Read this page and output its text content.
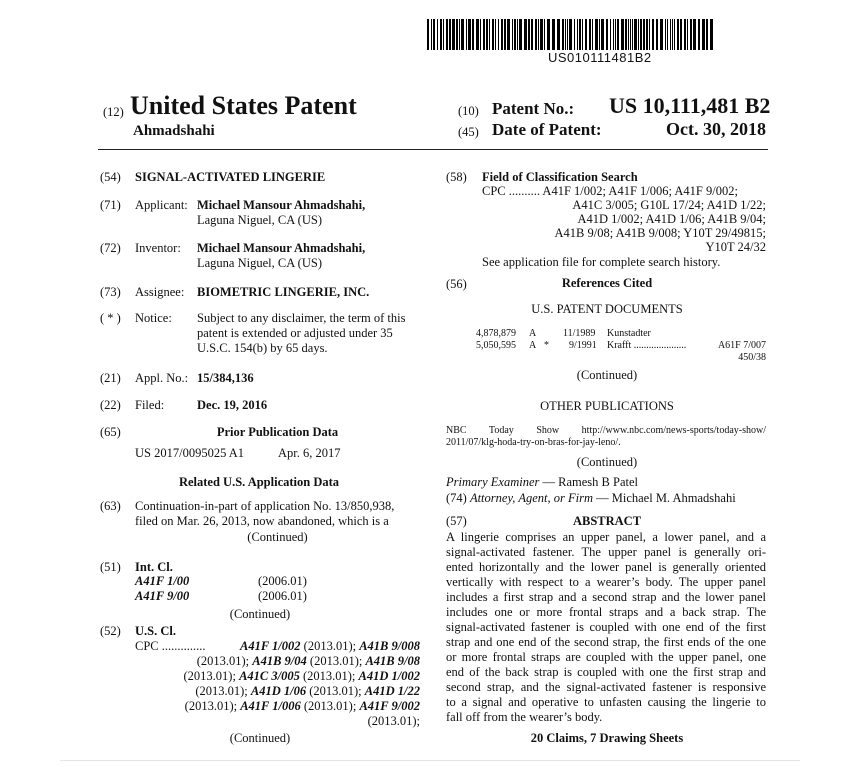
US010111481B2
(12) United States Patent
Ahmadshahi
(10) Patent No.: US 10,111,481 B2
(45) Date of Patent:	Oct. 30, 2018
(54) SIGNAL-ACTIVATED LINGERIE
(71) Applicant: Michael Mansour Ahmadshahi,
Laguna Niguel, CA (US)
(72) Inventor: Michael Mansour Ahmadshahi,
Laguna Niguel, CA (US)
(73) Assignee: BIOMETRIC LINGERIE, INC.
( * ) Notice: Subject to any disclaimer, the term of this
patent is extended or adjusted under 35
U.S.C. 154(b) by 65 days.
(21) Appl. No.: 15/384,136
(22) Filed:	Dec. 19, 2016
(65)	Prior Publication Data
US 2017/0095025 A1	Apr. 6, 2017
Related U.S. Application Data
(63) Continuation-in-part of application No. 13/850,938,
filed on Mar. 26, 2013, now abandoned, which is a
(Continued)
(51) Int. Cl.
A41F 1/00	(2006.01)
A41F 9/00	(2006.01)
(Continued)
(52) U.S. Cl.
CPC ..............	A41F 1/002 (2013.01); A41B 9/008
(2013.01); A41B 9/04 (2013.01); A41B 9/08
(2013.01); A41C 3/005 (2013.01); A41D 1/002
(2013.01); A41D 1/06 (2013.01); A41D 1/22
(2013.01); A41F 1/006 (2013.01); A41F 9/002
(2013.01);
(Continued)
(58) Field of Classification Search
CPC .......... A41F 1/002; A41F 1/006; A41F 9/002;
A41C 3/005; G10L 17/24; A41D 1/22;
A41D 1/002; A41D 1/06; A41B 9/04;
A41B 9/08; A41B 9/008; Y10T 29/49815;
Y10T 24/32
See application file for complete search history.
(56)	References Cited
U.S. PATENT DOCUMENTS
4,878,879 A	11/1989 Kunstadter
5,050,595 A * 9/1991 Krafft .....................	A61F 7/007
450/38
(Continued)
OTHER PUBLICATIONS
NBC Today Show http://www.nbc.com/news-sports/today-show/
2011/07/klg-hoda-try-on-bras-for-jay-leno/.
(Continued)
Primary Examiner — Ramesh B Patel
(74) Attorney, Agent, or Firm — Michael M. Ahmadshahi
(57)	ABSTRACT
A lingerie comprises an upper panel, a lower panel, and a
signal-activated fastener. The upper panel is generally ori-
ented horizontally and the lower panel is generally oriented
vertically with respect to a wearer’s body. The upper panel
includes a first strap and a second strap and the lower panel
includes one or more frontal straps and a back strap. The
signal-activated fastener is coupled with one end of the first
strap and one end of the second strap, the first ends of the one
or more frontal straps are coupled with the upper panel, one
end of the back strap is coupled with one the first strap and
second strap, and the signal-activated fastener is responsive
to a signal and operative to unfasten causing the lingerie to
fall off from the wearer’s body.
20 Claims, 7 Drawing Sheets
